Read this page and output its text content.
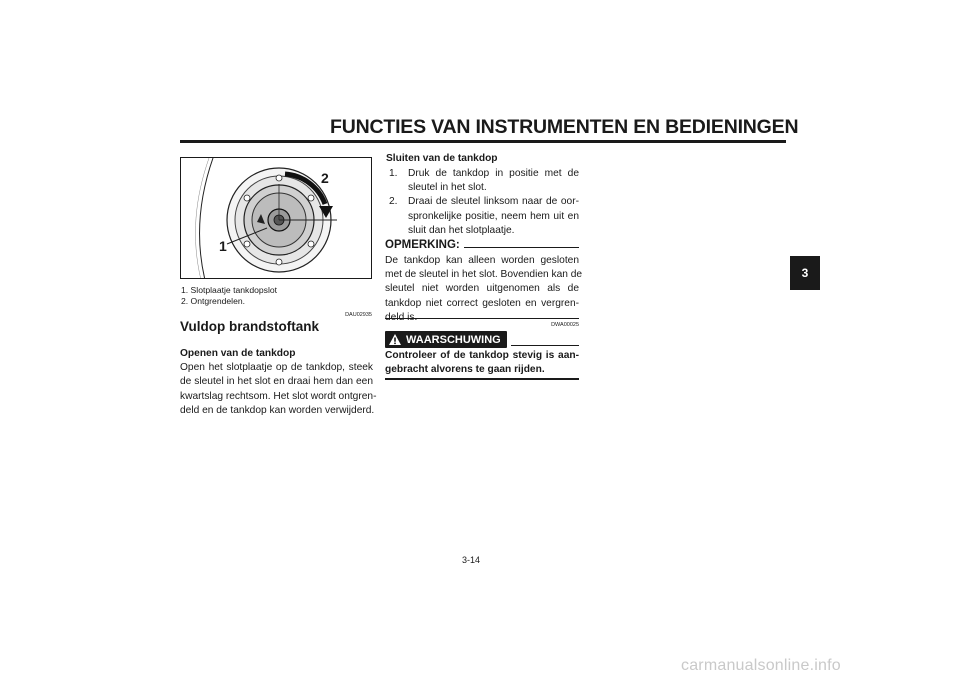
FUNCTIES VAN INSTRUMENTEN EN BEDIENINGEN
3
2
1
1. Slotplaatje tankdopslot
2. Ontgrendelen.
DAU02935
Vuldop brandstoftank
Openen van de tankdop
Open het slotplaatje op de tankdop, steek
de sleutel in het slot en draai hem dan een
kwartslag rechtsom. Het slot wordt ontgren-
deld en de tankdop kan worden verwijderd.
Sluiten van de tankdop
1. Druk de tankdop in positie met de
sleutel in het slot.
2. Draai de sleutel linksom naar de oor-
spronkelijke positie, neem hem uit en
sluit dan het slotplaatje.
OPMERKING:
De tankdop kan alleen worden gesloten
met de sleutel in het slot. Bovendien kan de
sleutel niet worden uitgenomen als de
tankdop niet correct gesloten en vergren-
DWA00025
WAARSCHUWING
Controleer of de tankdop stevig is aan-
gebracht alvorens te gaan rijden.
3-14
carmanualsonline.info
